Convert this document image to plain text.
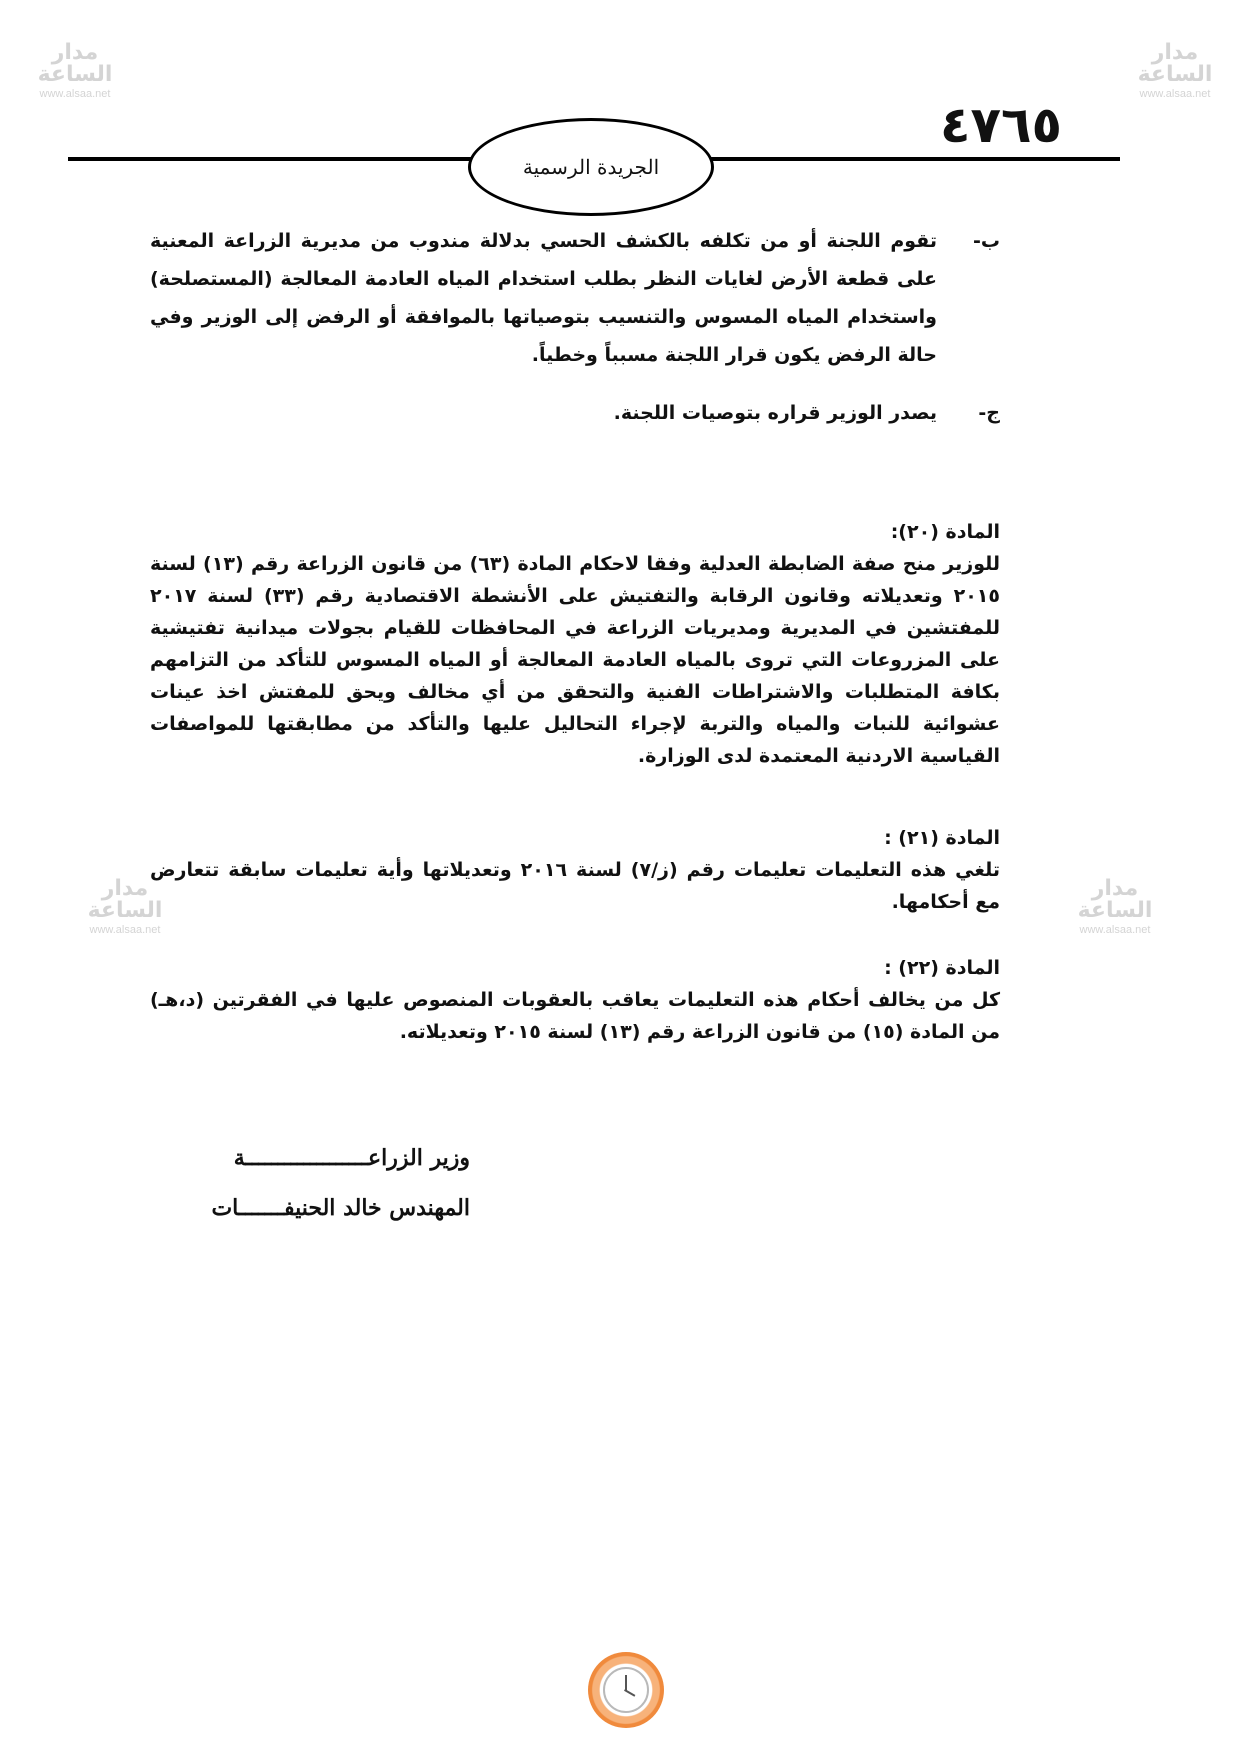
مدار الساعة
www.alsaa.net
مدار الساعة
www.alsaa.net
مدار الساعة
www.alsaa.net
مدار الساعة
www.alsaa.net
٤٧٦٥
الجريدة الرسمية
ب-
تقوم اللجنة أو من تكلفه بالكشف الحسي بدلالة مندوب من مديرية الزراعة المعنية على قطعة الأرض لغايات النظر بطلب استخدام المياه العادمة المعالجة (المستصلحة) واستخدام المياه المسوس والتنسيب بتوصياتها بالموافقة أو الرفض إلى الوزير وفي حالة الرفض يكون قرار اللجنة مسبباً وخطياً.
ج-
يصدر الوزير قراره بتوصيات اللجنة.

المادة (٢٠):

للوزير منح صفة الضابطة العدلية وفقا لاحكام المادة (٦٣) من قانون الزراعة رقم (١٣) لسنة ٢٠١٥ وتعديلاته وقانون الرقابة والتفتيش على الأنشطة الاقتصادية رقم (٣٣) لسنة ٢٠١٧ للمفتشين في المديرية ومديريات الزراعة في المحافظات للقيام بجولات ميدانية تفتيشية على المزروعات التي تروى بالمياه العادمة المعالجة أو المياه المسوس للتأكد من التزامهم بكافة المتطلبات والاشتراطات الفنية والتحقق من أي مخالف ويحق للمفتش اخذ عينات عشوائية للنبات والمياه والتربة لإجراء التحاليل عليها والتأكد من مطابقتها للمواصفات القياسية الاردنية المعتمدة لدى الوزارة.

المادة (٢١) :

تلغي هذه التعليمات تعليمات رقم (ز/٧) لسنة ٢٠١٦ وتعديلاتها وأية تعليمات سابقة تتعارض مع أحكامها.

المادة (٢٢) :

كل من يخالف أحكام هذه التعليمات يعاقب بالعقوبات المنصوص عليها في الفقرتين (د،هـ) من المادة (١٥) من قانون الزراعة رقم (١٣) لسنة ٢٠١٥ وتعديلاته.

وزير الزراعـــــــــــــــــــة
المهندس خالد الحنيفـــــــات
